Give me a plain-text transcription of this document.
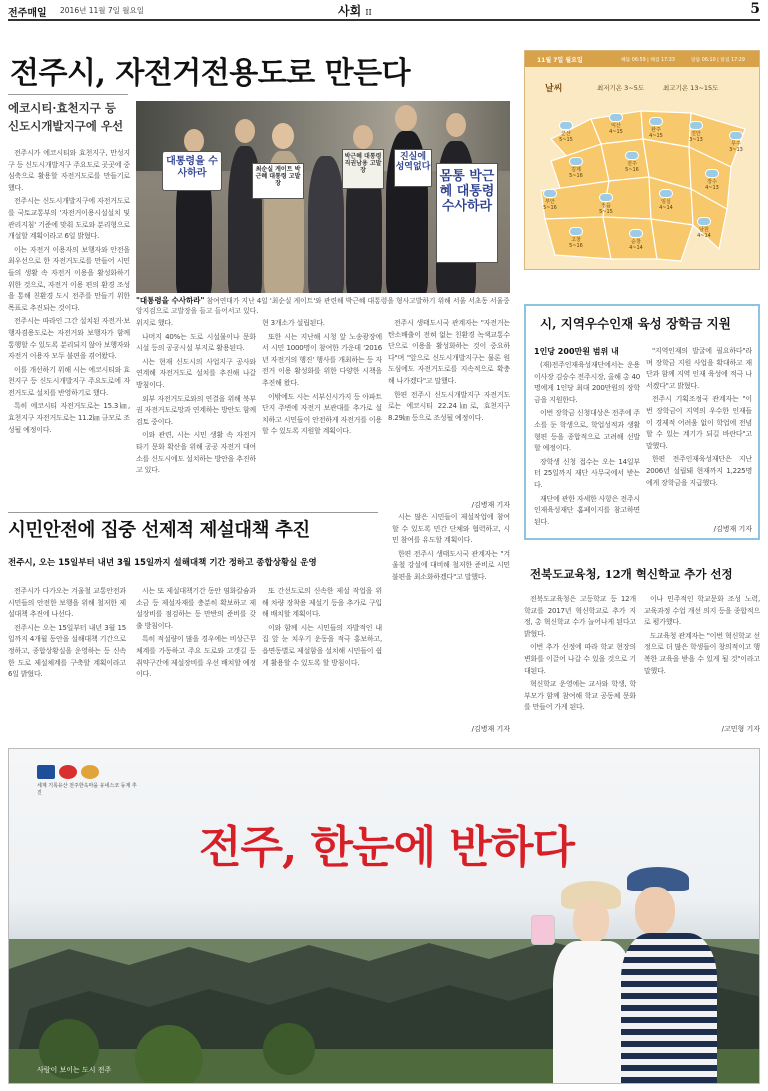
전주매일 2016년 11월 7일 월요일	사회 II	5
전주시, 자전거전용도로 만든다
에코시티·효천지구 등 신도시개발지구에 우선

전주시가 에코시티와 효천지구, 만성지구 등 신도시개발지구 주요도로 곳곳에 중심축으로 활용할 자전거도로를 만들기로 했다.

전주시는 신도시개발지구에 자전거도로를 국토교통부의 '자전거이용시설설치 및 관리지침' 기준에 맞춰 도로와 분리형으로 개설할 계획이라고 6일 밝혔다.

이는 자전거 이용자의 보행자와 안전을 최우선으로 한 자전거도로를 만들어 시민들의 생활 속 자전거 이용을 활성화하기 위한 것으로, 자전거 이용 편의 환경 조성을 통해 친환경 도시 전주를 만들기 위한 목표로 추진되는 것이다.

전주시는 따라인 그간 설치된 자전거·보행자겸용도로는 자전거와 보행자가 함께 통행할 수 있도록 분리되지 않아 보행자와 자전거 이용자 모두 불편을 겪어왔다.

이를 개선하기 위해 시는 에코시티와 효천지구 등 신도시개발지구 주요도로에 자전거도로 설치를 반영하기로 했다.

특히 에코시티 자전거도로는 15.3㎞, 효천지구 자전거도로는 11.2㎞ 규모로 조성될 예정이다.

대통령을 수사하라	최순실 게이트 박근혜 대통령 고발장
박근혜 대통령 직권남용 고발장
진실에 성역없다
몸통 박근혜 대통령 수사하라
"대통령을 수사하라" 참여연대가 지난 4일 '최순실 게이트'와 관련해 박근혜 대통령을 형사고발하기 위해 서울 서초동 서울중앙지검으로 고발장을 들고 들어서고 있다.

위지로 했다.

나머지 40%는 도로 시설물이나 문화시설 등의 공공시설 부지로 활용된다.

시는 현재 신도시의 사업지구 공사와 연계해 자전거도로 설치를 추진해 나갈 방침이다.

외부 자전거도로와의 연결을 위해 북부권 자전거도로망과 연계하는 방안도 함께 검토 중이다.

이와 관련, 시는 시민 생활 속 자전거 타기 문화 확산을 위해 공공 자전거 대여소를 신도시에도 설치하는 방안을 추진하고 있다.

현 3개소가 설립된다.

또한 시는 지난해 시청 앞 노송광장에서 시민 1000명이 참여한 가운데 '2016년 자전거의 행진' 행사를 개최하는 등 자전거 이용 활성화를 위한 다양한 시책을 추진해 왔다.

이밖에도 시는 서부신시가지 등 아파트 단지 주변에 자전거 보관대를 추가로 설치하고 시민들이 안전하게 자전거를 이용할 수 있도록 지원할 계획이다.

전주시 생태도시국 관계자는 "자전거는 탄소배출이 전혀 없는 친환경 녹색교통수단으로 이용을 활성화하는 것이 중요하다"며 "앞으로 신도시개발지구는 물론 원도심에도 자전거도로를 지속적으로 확충해 나가겠다"고 말했다.

한편 전주시 신도시개발지구 자전거도로는 에코시티 22.24㎞로, 효천지구 8.29㎞ 등으로 조성될 예정이다.

/김병재 기자
11월 7일 월요일	해뜸 06:59 | 해짐 17:33	달뜸 06:10 | 달짐 17:29
날씨	최저기온 3~5도	최고기온 13~15도
군산
5~15
익산
4~15	완주
4~15	진안
3~13
무주
3~13
김제
5~16
전주
5~16
장수
4~13
부안
5~16	정읍
5~15
임실
4~14
남원
4~14
고창
5~16
순창
4~14
시, 지역우수인재 육성 장학금 지원
1인당 200만원 범위 내

(재)전주인재육성재단에서는 운용이사장 김승수 전주시장, 올해 총 40명에게 1인당 최대 200만원의 장학금을 지원한다.

이번 장학금 신청대상은 전주에 주소를 둔 학생으로, 학업성적과 생활 형편 등을 종합적으로 고려해 선발할 예정이다.

장학생 신청 접수는 오는 14일부터 25일까지 재단 사무국에서 받는다.

재단에 관한 자세한 사항은 전주시 인재육성재단 홈페이지를 참고하면 된다.

"지역인재의 발굴에 필요하다"라며 장학금 지원 사업을 확대하고 재단과 함께 지역 인재 육성에 적극 나서겠다"고 밝혔다.

전주시 기획조정국 관계자는 "이번 장학금이 지역의 우수한 인재들이 경제적 어려움 없이 학업에 전념할 수 있는 계기가 되길 바란다"고 말했다.

한편 전주인재육성재단은 지난 2006년 설립돼 현재까지 1,225명에게 장학금을 지급했다.

/김병재 기자
시민안전에 집중 선제적 제설대책 추진
전주시, 오는 15일부터 내년 3월 15일까지 설해대책 기간 정하고 종합상황실 운영

전주시가 다가오는 겨울철 교통안전과 시민들의 안전한 보행을 위해 철저한 제설대책 추진에 나선다.

전주시는 오는 15일부터 내년 3월 15일까지 4개월 동안을 설해대책 기간으로 정하고, 종합상황실을 운영하는 등 신속한 도로 제설체계를 구축할 계획이라고 6일 밝혔다.

시는 또 제설대책기간 동안 염화칼슘과 소금 등 제설자재를 충분히 확보하고 제설장비를 점검하는 등 만반의 준비를 갖출 방침이다.

특히 적설량이 많을 경우에는 비상근무체계를 가동하고 주요 도로와 고갯길 등 취약구간에 제설장비를 우선 배치할 예정이다.

또 간선도로의 신속한 제설 작업을 위해 차량 장착용 제설기 등을 추가로 구입해 배치할 계획이다.

이와 함께 시는 시민들의 자발적인 내 집 앞 눈 치우기 운동을 적극 홍보하고, 읍면동별로 제설함을 설치해 시민들이 쉽게 활용할 수 있도록 할 방침이다.

시는 많은 시민들이 제설작업에 참여할 수 있도록 민간 단체와 협력하고, 시민 참여를 유도할 계획이다.

한편 전주시 생태도시국 관계자는 "겨울철 강설에 대비해 철저한 준비로 시민 불편을 최소화하겠다"고 말했다.

/김병재 기자
전북도교육청, 12개 혁신학교 추가 선정

전북도교육청은 고등학교 등 12개 학교를 2017년 혁신학교로 추가 지정, 총 혁신학교 수가 늘어나게 된다고 밝혔다.

이번 추가 선정에 따라 학교 현장의 변화를 이끌어 나갈 수 있을 것으로 기대된다.

혁신학교 운영에는 교사와 학생, 학부모가 함께 참여해 학교 공동체 문화를 만들어 가게 된다.

이나 민주적인 학교문화 조성 노력, 교육과정 수업 개선 의지 등을 종합적으로 평가했다.

도교육청 관계자는 "이번 혁신학교 선정으로 더 많은 학생들이 창의적이고 행복한 교육을 받을 수 있게 될 것"이라고 말했다.

/고민형 기자
세계 기록유산 전주한옥마을 유네스코 등재 추진
전주, 한눈에 반하다
사람이 보이는 도시 전주
